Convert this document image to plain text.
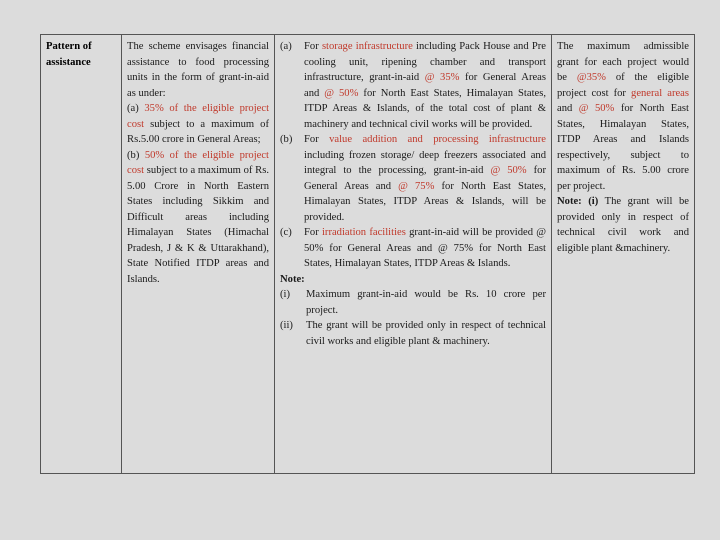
Pattern of assistance	
The scheme envisages financial assistance to food processing units in the form of grant-in-aid as under:
(a) 35% of the eligible project cost subject to a maximum of Rs.5.00 crore in General Areas;
(b) 50% of the eligible project cost subject to a maximum of Rs. 5.00 Crore in North Eastern States including Sikkim and Difficult areas including Himalayan States (Himachal Pradesh, J & K & Uttarakhand), State Notified ITDP areas and Islands.

(a)	For storage infrastructure including Pack House and Pre cooling unit, ripening chamber and transport infrastructure, grant-in-aid @ 35% for General Areas and @ 50% for North East States, Himalayan States, ITDP Areas & Islands, of the total cost of plant & machinery and technical civil works will be provided.
(b)	For value addition and processing infrastructure including frozen storage/ deep freezers associated and integral to the processing, grant-in-aid @ 50% for General Areas and @ 75% for North East States, Himalayan States, ITDP Areas & Islands, will be provided.
(c)	For irradiation facilities grant-in-aid will be provided @ 50% for General Areas and @ 75% for North East States, Himalayan States, ITDP Areas & Islands.
Note:
(i)	Maximum grant-in-aid would be Rs. 10 crore per project.
(ii)	The grant will be provided only in respect of technical civil works and eligible plant & machinery.

The maximum admissible grant for each project would be @35% of the eligible project cost for general areas and @ 50% for North East States, Himalayan States, ITDP Areas and Islands respectively, subject to maximum of Rs. 5.00 crore per project.
Note: (i) The grant will be provided only in respect of technical civil work and eligible plant &machinery.
